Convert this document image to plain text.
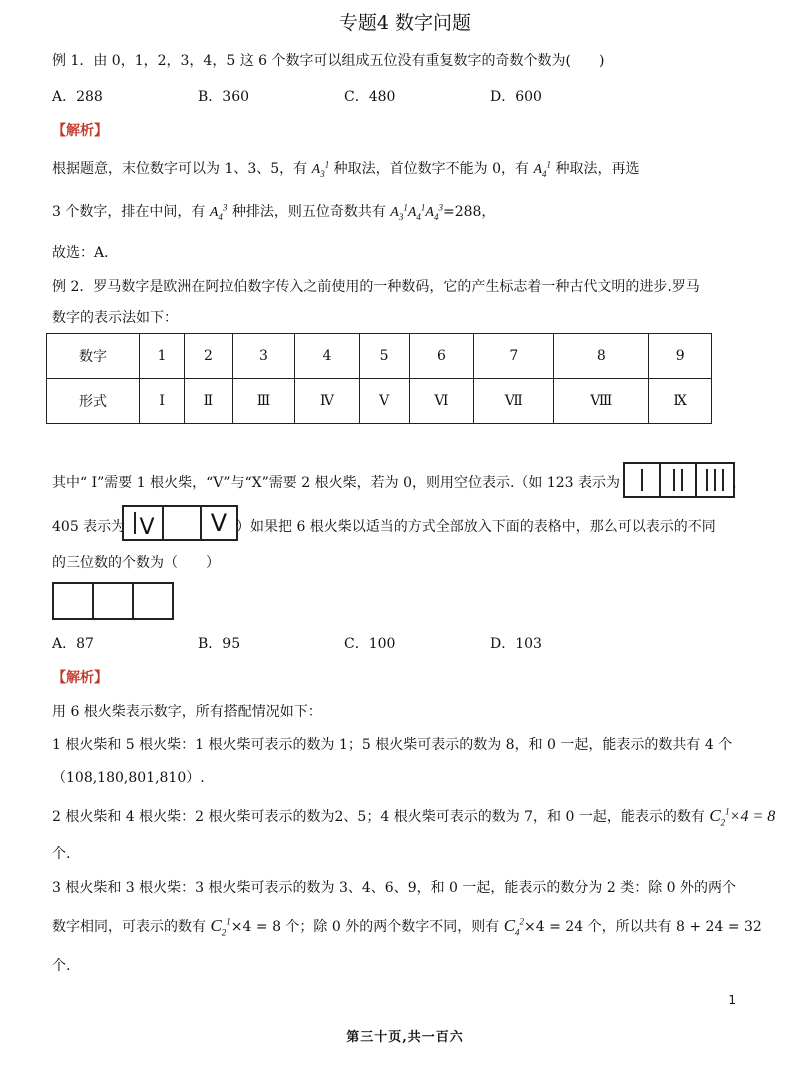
专题4 数字问题
例 1．由 0，1，2，3，4，5 这 6 个数字可以组成五位没有重复数字的奇数个数为(　　)
A．288	B．360	C．480	D．600
【解析】
根据题意，末位数字可以为 1、3、5，有 $A_3^1$ 种取法，首位数字不能为 0，有 $A_4^1$ 种取法，再选
3 个数字，排在中间，有 $A_4^3$ 种排法，则五位奇数共有 $A_3^1A_4^1A_4^3=288$，
故选：A．
例 2．罗马数字是欧洲在阿拉伯数字传入之前使用的一种数码，它的产生标志着一种古代文明的进步.罗马
数字的表示法如下：
数字	1	2	3	4	5	6	7	8	9
形式	Ⅰ	Ⅱ	Ⅲ	Ⅳ	Ⅴ	Ⅵ	Ⅶ	Ⅷ	Ⅸ
其中“ Ⅰ”需要 1 根火柴，“Ⅴ”与“Ⅹ”需要 2 根火柴，若为 0，则用空位表示.（如 123 表示为	，
405 表示为 V V ）如果把 6 根火柴以适当的方式全部放入下面的表格中，那么可以表示的不同
的三位数的个数为（　　）
A．87	B．95	C．100	D．103
【解析】
用 6 根火柴表示数字，所有搭配情况如下：
1 根火柴和 5 根火柴：1 根火柴可表示的数为 1；5 根火柴可表示的数为 8，和 0 一起，能表示的数共有 4 个
（108,180,801,810）.
2 根火柴和 4 根火柴：2 根火柴可表示的数为2、5；4 根火柴可表示的数为 7，和 0 一起，能表示的数有 $C_2^1\times 4 = 8$
个.
3 根火柴和 3 根火柴：3 根火柴可表示的数为 3、4、6、9，和 0 一起，能表示的数分为 2 类：除 0 外的两个
数字相同，可表示的数有 $C_2^1\times 4 = 8$ 个；除 0 外的两个数字不同，则有 $C_4^2\times 4 = 24$ 个，所以共有 8 + 24 = 32
个.
1
第三十页,共一百六
